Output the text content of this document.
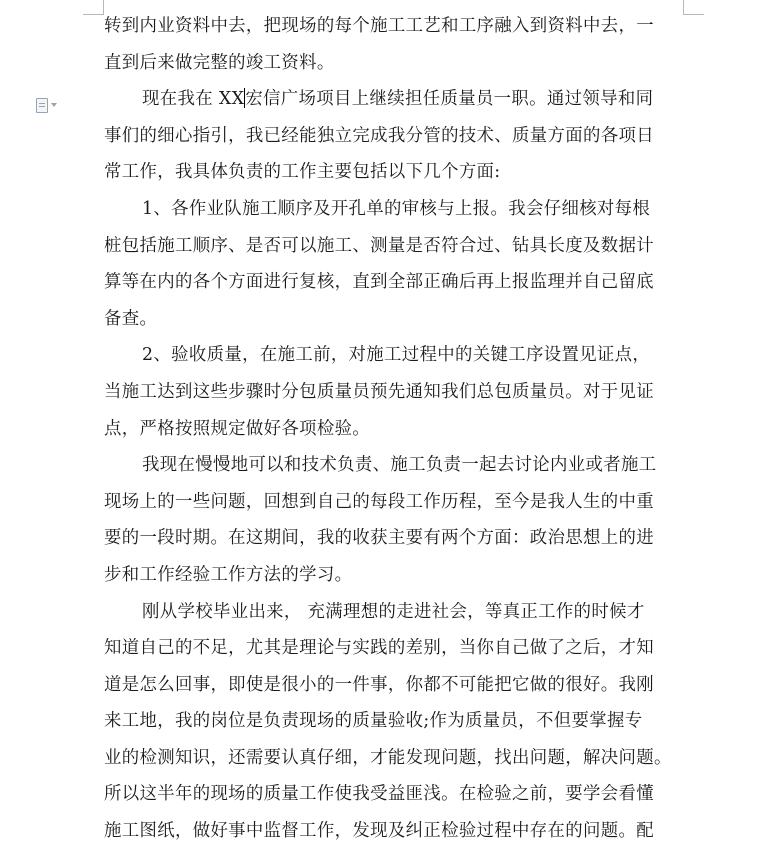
转到内业资料中去，把现场的每个施工工艺和工序融入到资料中去，一
直到后来做完整的竣工资料。
现在我在 XX宏信广场项目上继续担任质量员一职。通过领导和同
事们的细心指引，我已经能独立完成我分管的技术、质量方面的各项日
常工作，我具体负责的工作主要包括以下几个方面:
1、各作业队施工顺序及开孔单的审核与上报。我会仔细核对每根
桩包括施工顺序、是否可以施工、测量是否符合过、钻具长度及数据计
算等在内的各个方面进行复核，直到全部正确后再上报监理并自己留底
备查。
2、验收质量，在施工前，对施工过程中的关键工序设置见证点，
当施工达到这些步骤时分包质量员预先通知我们总包质量员。对于见证
点，严格按照规定做好各项检验。
我现在慢慢地可以和技术负责、施工负责一起去讨论内业或者施工
现场上的一些问题，回想到自己的每段工作历程，至今是我人生的中重
要的一段时期。在这期间，我的收获主要有两个方面：政治思想上的进
步和工作经验工作方法的学习。
刚从学校毕业出来， 充满理想的走进社会，等真正工作的时候才
知道自己的不足，尤其是理论与实践的差别，当你自己做了之后，才知
道是怎么回事，即使是很小的一件事，你都不可能把它做的很好。我刚
来工地，我的岗位是负责现场的质量验收;作为质量员，不但要掌握专
业的检测知识，还需要认真仔细，才能发现问题，找出问题，解决问题。
所以这半年的现场的质量工作使我受益匪浅。在检验之前，要学会看懂
施工图纸，做好事中监督工作，发现及纠正检验过程中存在的问题。配
